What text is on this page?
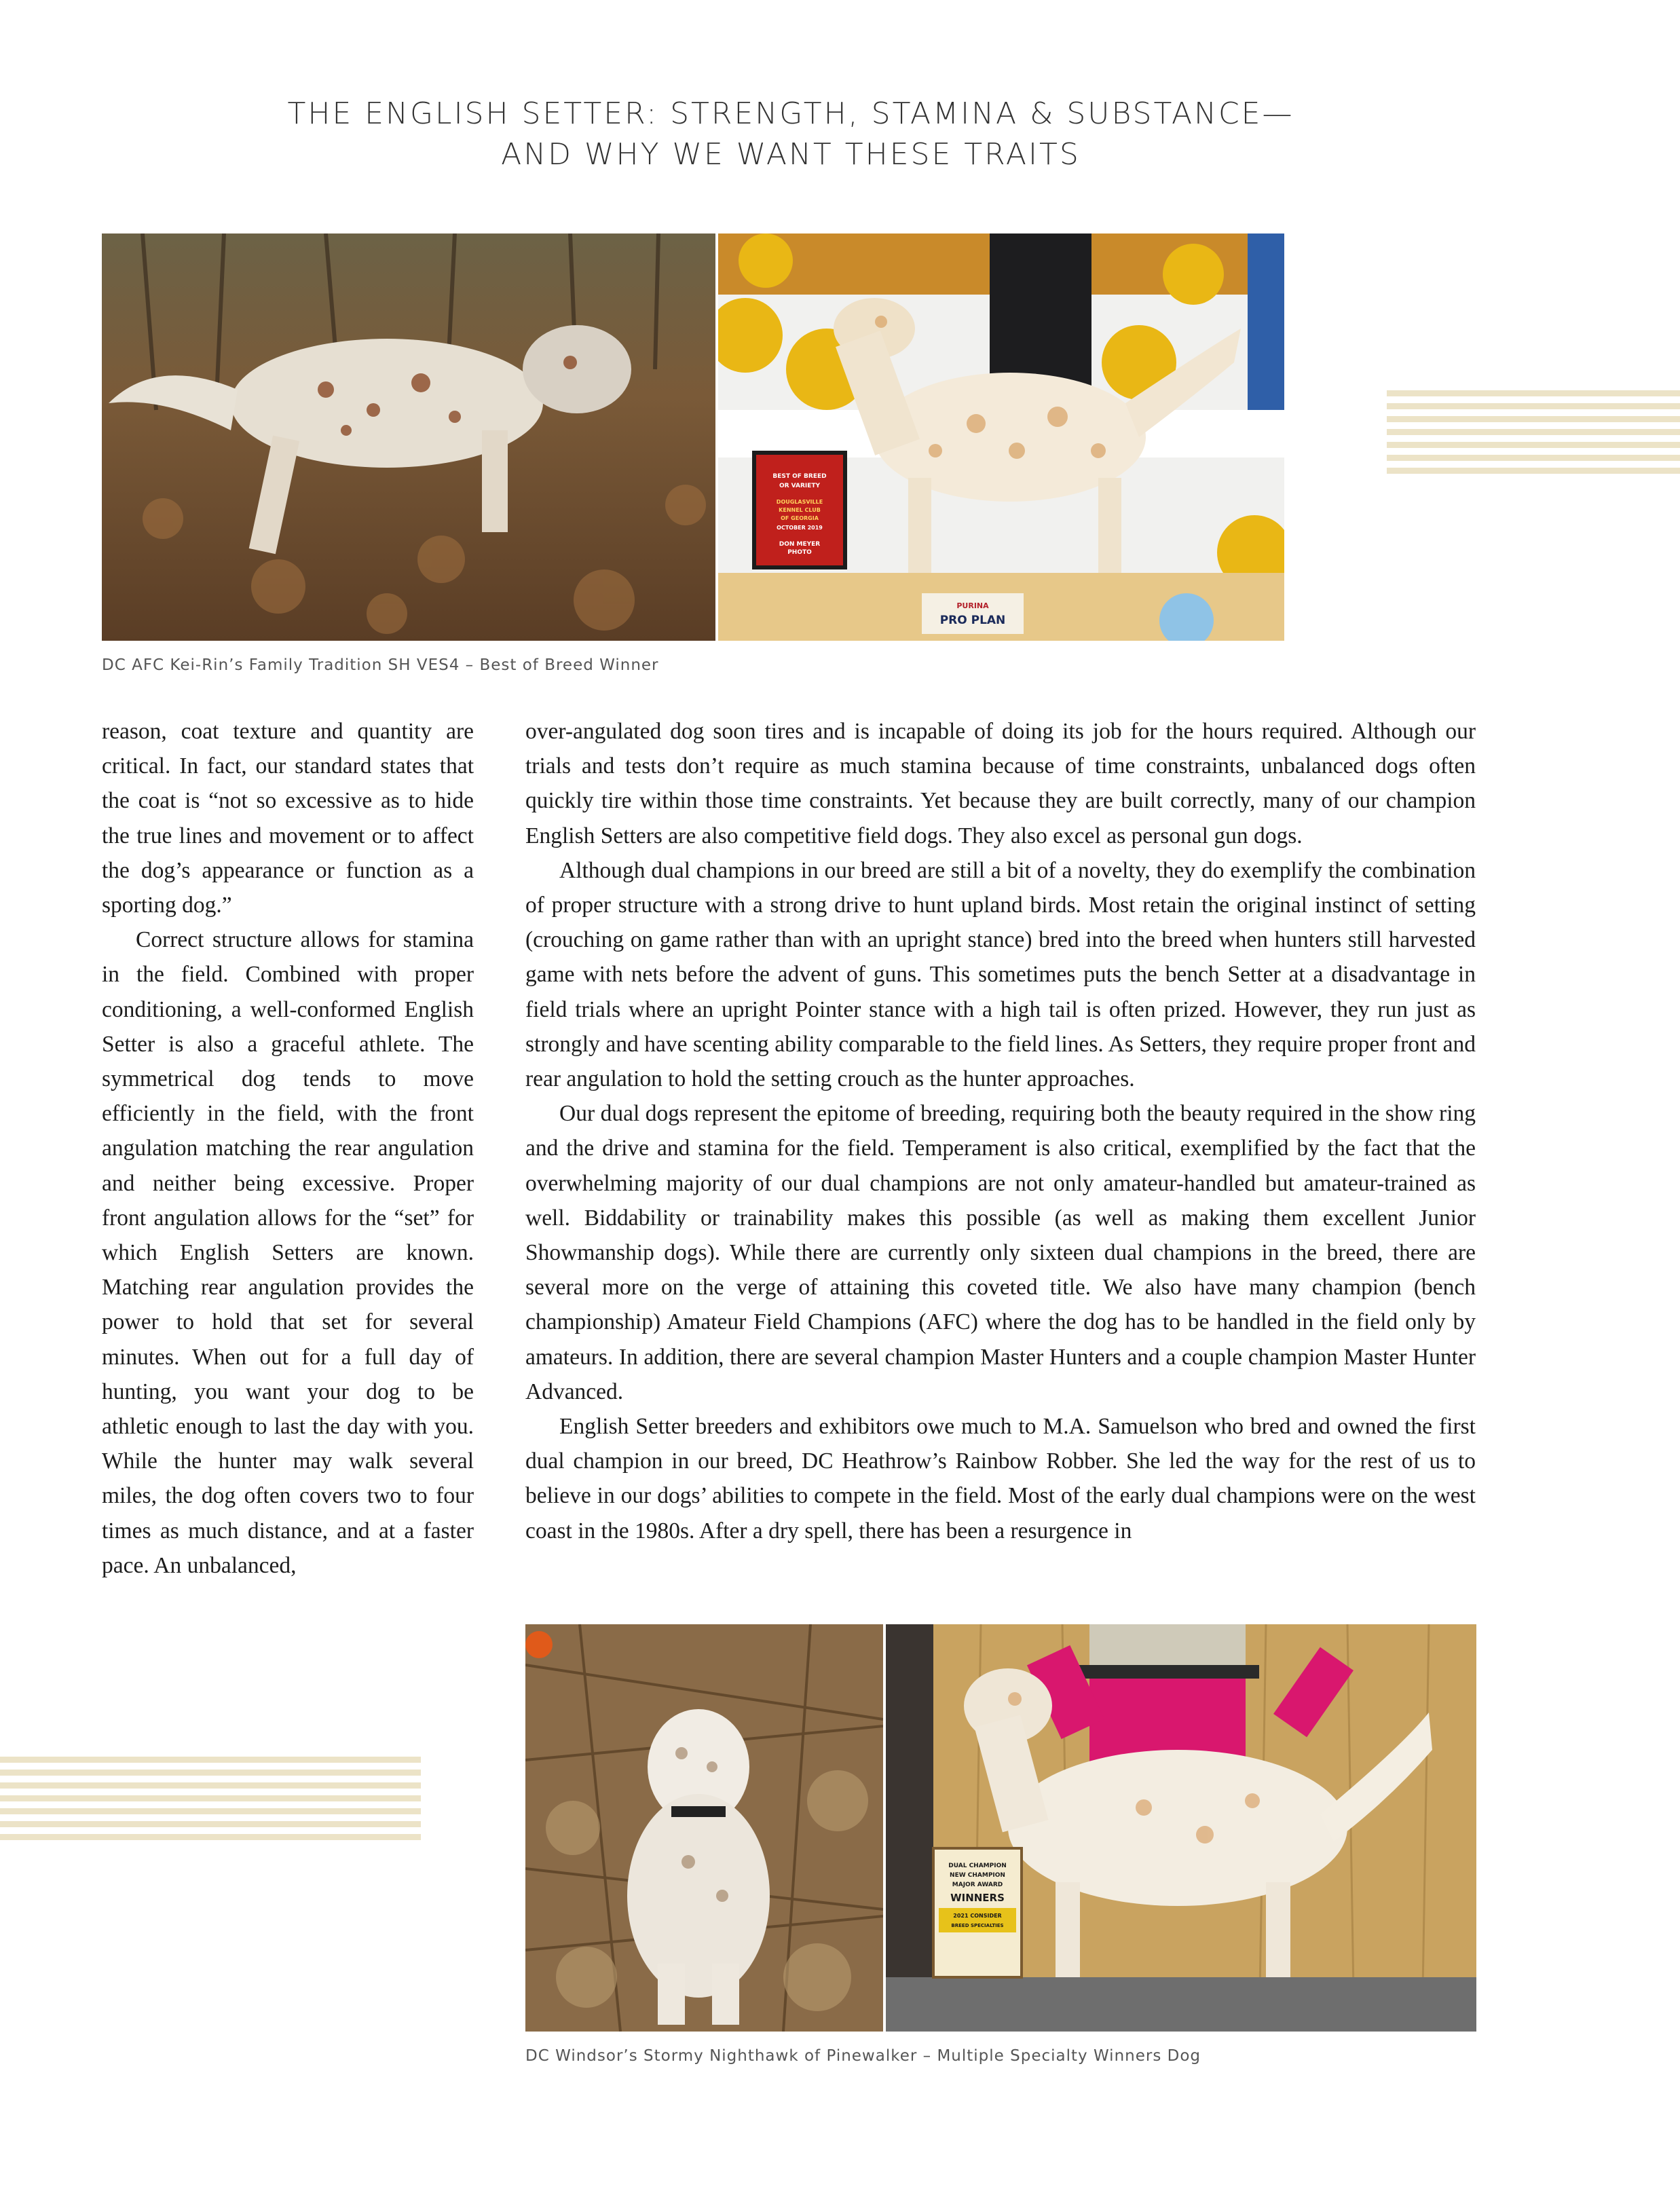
THE ENGLISH SETTER: STRENGTH, STAMINA & SUBSTANCE—
AND WHY WE WANT THESE TRAITS
BEST OF BREED
OR VARIETY
DOUGLASVILLE
KENNEL CLUB
OF GEORGIA
OCTOBER 2019
DON MEYER
PHOTO
PURINA
PRO PLAN
DC AFC Kei-Rin’s Family Tradition SH VES4 – Best of Breed Winner

reason, coat texture and quantity are critical. In fact, our standard states that the coat is “not so excessive as to hide the true lines and movement or to affect the dog’s appearance or function as a sporting dog.”

Correct structure allows for stamina in the field. Combined with proper conditioning, a well-conformed English Setter is also a graceful athlete. The symmetrical dog tends to move efficiently in the field, with the front angulation matching the rear angulation and neither being excessive. Proper front angulation allows for the “set” for which English Setters are known. Matching rear angulation provides the power to hold that set for several minutes. When out for a full day of hunting, you want your dog to be athletic enough to last the day with you. While the hunter may walk several miles, the dog often covers two to four times as much distance, and at a faster pace. An unbalanced,

over-angulated dog soon tires and is incapable of doing its job for the hours required. Although our trials and tests don’t require as much stamina because of time constraints, unbalanced dogs often quickly tire within those time constraints. Yet because they are built correctly, many of our champion English Setters are also competitive field dogs. They also excel as personal gun dogs.

Although dual champions in our breed are still a bit of a novelty, they do exemplify the combination of proper structure with a strong drive to hunt upland birds. Most retain the original instinct of setting (crouching on game rather than with an upright stance) bred into the breed when hunters still harvested game with nets before the advent of guns. This sometimes puts the bench Setter at a disadvantage in field trials where an upright Pointer stance with a high tail is often prized. However, they run just as strongly and have scenting ability comparable to the field lines. As Setters, they require proper front and rear angulation to hold the setting crouch as the hunter approaches.

Our dual dogs represent the epitome of breeding, requiring both the beauty required in the show ring and the drive and stamina for the field. Temperament is also critical, exemplified by the fact that the overwhelming majority of our dual champions are not only amateur-handled but amateur-trained as well. Biddability or trainability makes this possible (as well as making them excellent Junior Showmanship dogs). While there are currently only sixteen dual champions in the breed, there are several more on the verge of attaining this coveted title. We also have many champion (bench championship) Amateur Field Champions (AFC) where the dog has to be handled in the field only by amateurs. In addition, there are several champion Master Hunters and a couple champion Master Hunter Advanced.

English Setter breeders and exhibitors owe much to M.A. Samuelson who bred and owned the first dual champion in our breed, DC Heathrow’s Rainbow Robber. She led the way for the rest of us to believe in our dogs’ abilities to compete in the field. Most of the early dual champions were on the west coast in the 1980s. After a dry spell, there has been a resurgence in

DUAL CHAMPION
NEW CHAMPION
MAJOR AWARD
WINNERS
2021 CONSIDER
BREED SPECIALTIES
DC Windsor’s Stormy Nighthawk of Pinewalker – Multiple Specialty Winners Dog
